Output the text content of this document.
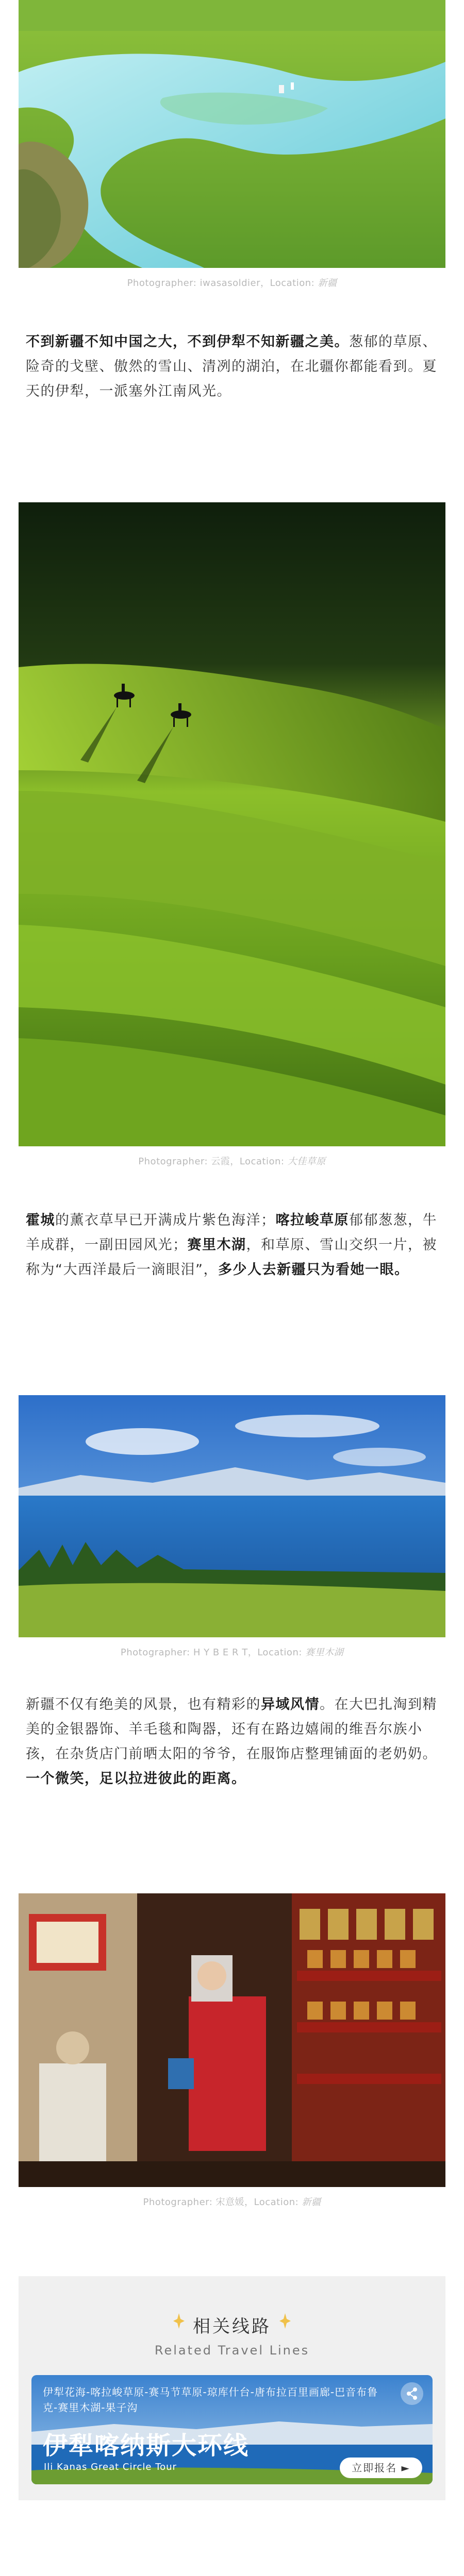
Photographer: iwasasoldier，Location: 新疆
不到新疆不知中国之大，不到伊犁不知新疆之美。葱郁的草原、险奇的戈壁、傲然的雪山、清冽的湖泊，在北疆你都能看到。夏天的伊犁，一派塞外江南风光。
Photographer: 云霞，Location: 大佳草原
霍城的薰衣草早已开满成片紫色海洋；喀拉峻草原郁郁葱葱，牛羊成群，一副田园风光；赛里木湖，和草原、雪山交织一片，被称为“大西洋最后一滴眼泪”，多少人去新疆只为看她一眼。
Photographer: H Y B E R T，Location: 赛里木湖
新疆不仅有绝美的风景，也有精彩的异域风情。在大巴扎淘到精美的金银器饰、羊毛毯和陶器，还有在路边嬉闹的维吾尔族小孩，在杂货店门前晒太阳的爷爷，在服饰店整理铺面的老奶奶。一个微笑，足以拉进彼此的距离。
Photographer: 宋意媛，Location: 新疆
相关线路
Related Travel Lines
伊犁花海-喀拉峻草原-赛马节草原-琼库什台-唐布拉百里画廊-巴音布鲁克-赛里木湖-果子沟
伊犁喀纳斯大环线
Ili Kanas Great Circle Tour	立即报名 ►
